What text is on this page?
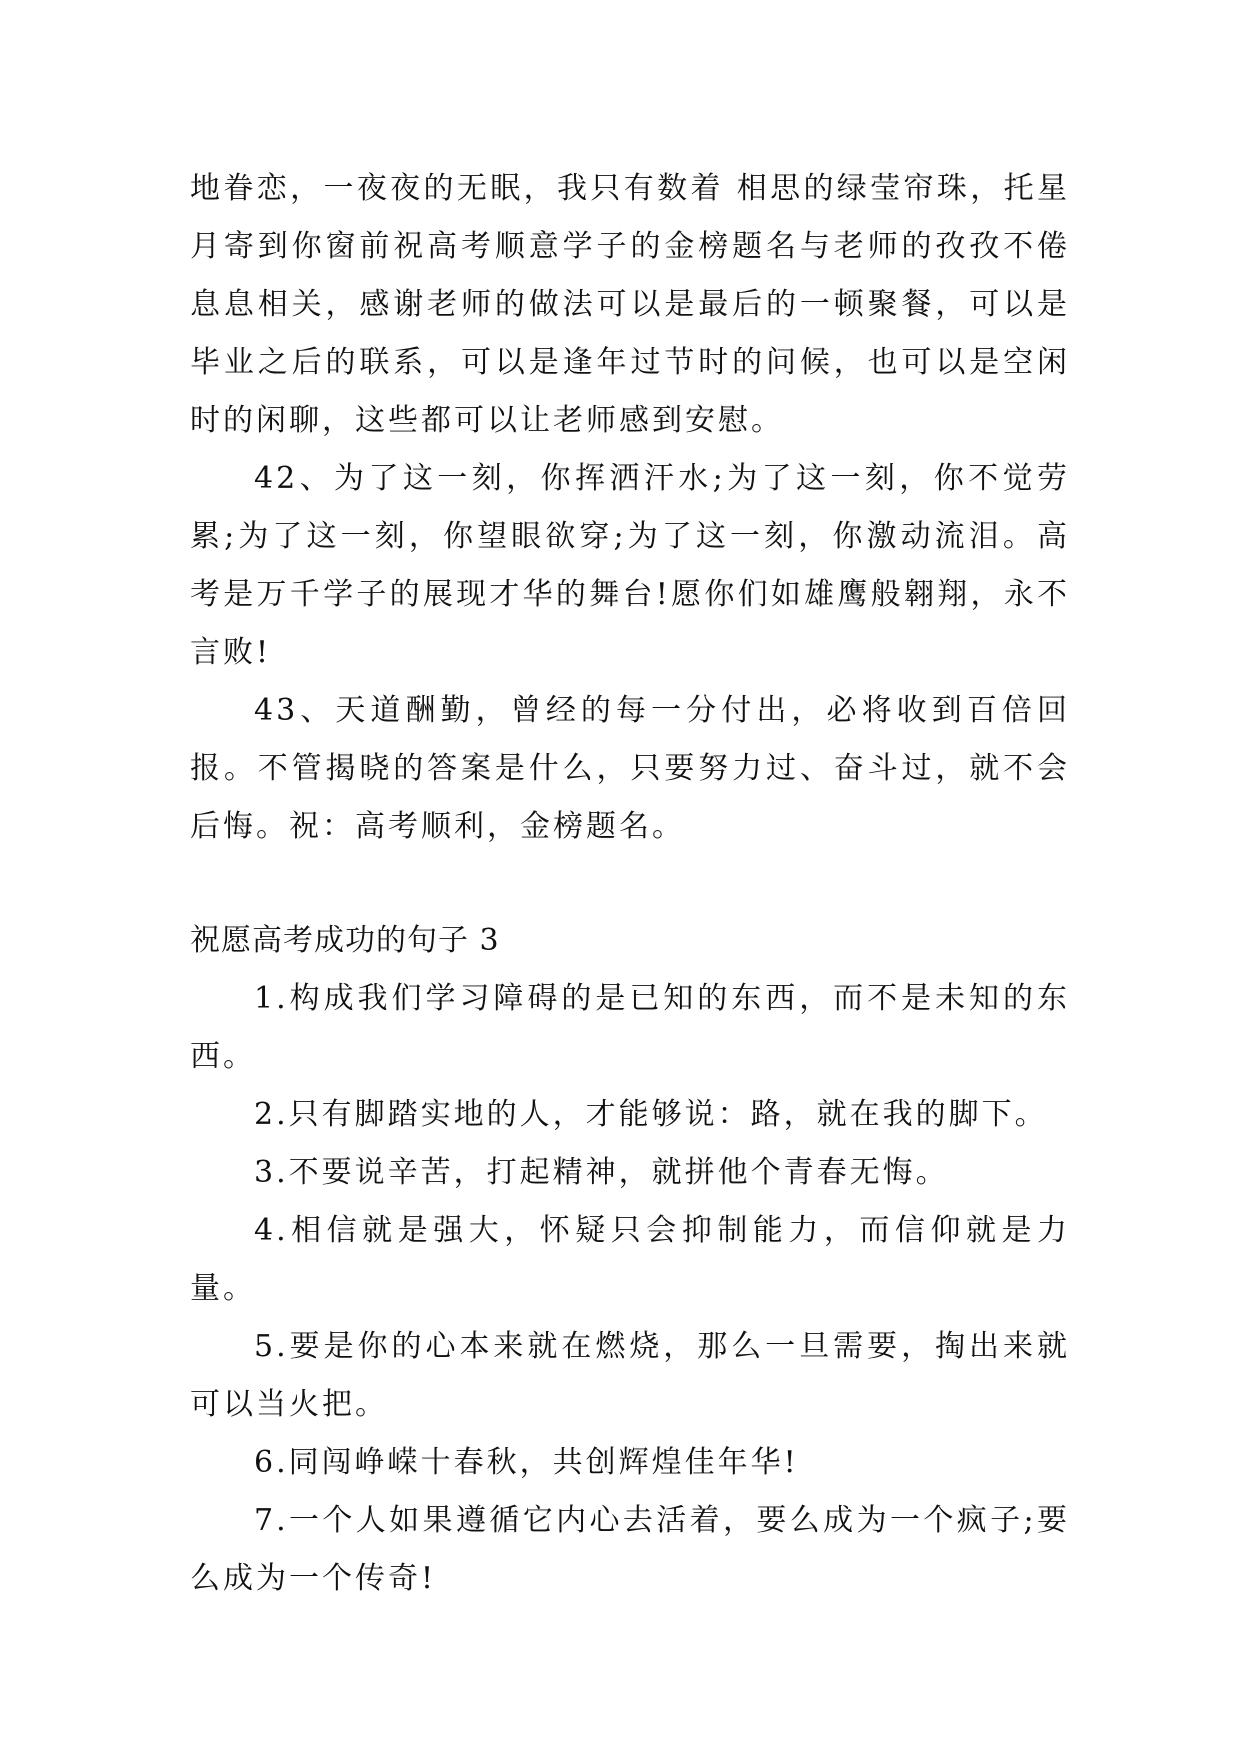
地眷恋，一夜夜的无眠，我只有数着 相思的绿莹帘珠，托星月寄到你窗前祝高考顺意学子的金榜题名与老师的孜孜不倦息息相关，感谢老师的做法可以是最后的一顿聚餐，可以是毕业之后的联系，可以是逢年过节时的问候，也可以是空闲时的闲聊，这些都可以让老师感到安慰。

42、为了这一刻，你挥洒汗水;为了这一刻，你不觉劳累;为了这一刻，你望眼欲穿;为了这一刻，你激动流泪。高考是万千学子的展现才华的舞台!愿你们如雄鹰般翱翔，永不言败!

43、天道酬勤，曾经的每一分付出，必将收到百倍回报。不管揭晓的答案是什么，只要努力过、奋斗过，就不会后悔。祝：高考顺利，金榜题名。

祝愿高考成功的句子 3

1.构成我们学习障碍的是已知的东西，而不是未知的东西。

2.只有脚踏实地的人，才能够说：路，就在我的脚下。

3.不要说辛苦，打起精神，就拼他个青春无悔。

4.相信就是强大，怀疑只会抑制能力，而信仰就是力量。

5.要是你的心本来就在燃烧，那么一旦需要，掏出来就可以当火把。

6.同闯峥嵘十春秋，共创辉煌佳年华!

7.一个人如果遵循它内心去活着，要么成为一个疯子;要么成为一个传奇!
